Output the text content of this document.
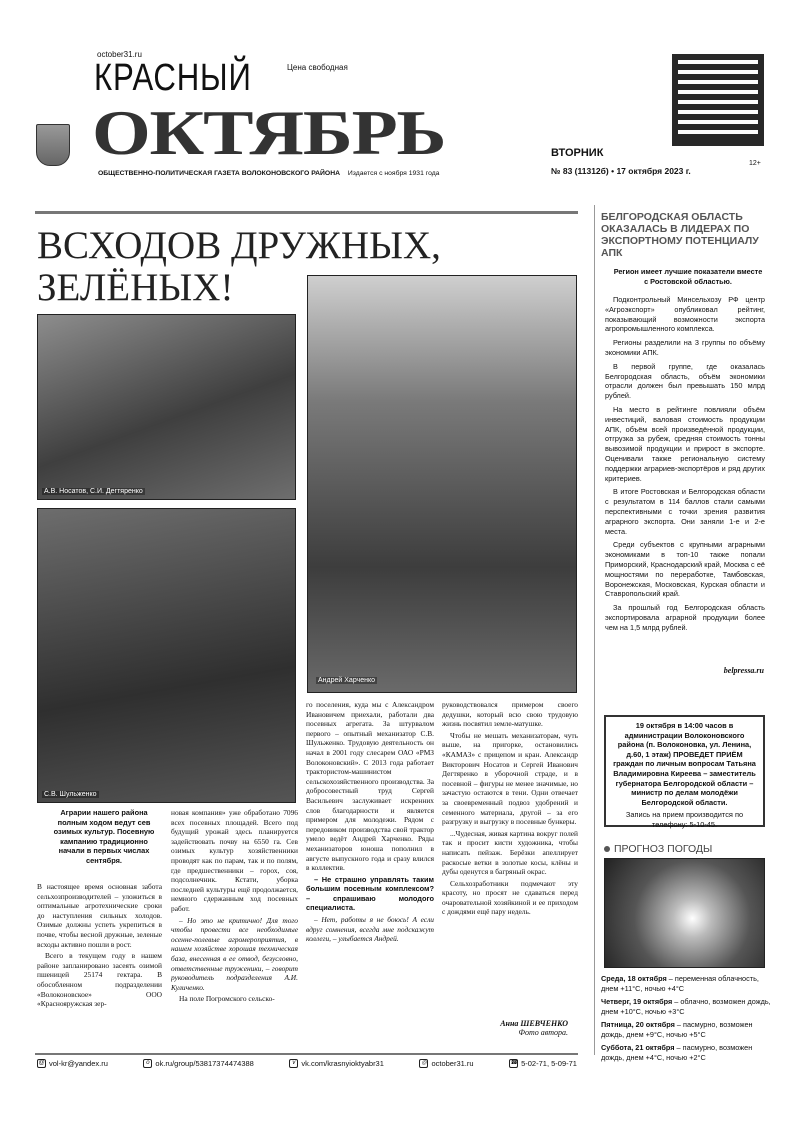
oсtober31.ru
КРАСНЫЙ	Цена свободная
ОКТЯБРЬ
ОБЩЕСТВЕННО-ПОЛИТИЧЕСКАЯ ГАЗЕТА ВОЛОКОНОВСКОГО РАЙОНА Издается с ноября 1931 года
ВТОРНИК
12+
№ 83 (11312б) • 17 октября 2023 г.
ВСХОДОВ ДРУЖНЫХ,
ЗЕЛЁНЫХ!
А.В. Носатов, С.И. Дегтяренко
Андрей Харченко
С.В. Шульженко
Аграрии нашего района полным ходом ведут сев озимых культур. Посевную кампанию традиционно начали в первых числах сентября.

В настоящее время основная забота сельхозпроизводителей – уложиться в оптимальные агротехнические сроки до наступления сильных холодов. Озимые должны успеть укрепиться в почве, чтобы весной дружные, зеленые всходы активно пошли в рост.

Всего в текущем году в нашем районе запланировано засеять озимой пшеницей 25174 гектара. В обособленном подразделении «Волоконовское» ООО «Краснояружская зер-

новая компания» уже обработано 7096 всех посевных площадей. Всего под будущий урожай здесь планируется задействовать почву на 6550 га. Сев озимых культур хозяйственники проводят как по парам, так и по полям, где предшественники – горох, соя, подсолнечник. Кстати, уборка последней культуры ещё продолжается, немного сдержанным ход посевных работ.

– Но это не критично! Для того чтобы провести все необходимые осенне-полевые агромероприятия, в нашем хозяйстве хорошая техническая база, внесенная в ее отвод, безусловно, ответственные труженики, – говорит руководитель подразделения А.И. Куличенко.

На поле Погромского сельско-

го поселения, куда мы с Александром Ивановичем приехали, работали два посевных агрегата. За штурвалом первого – опытный механизатор С.В. Шульженко. Трудовую деятельность он начал в 2001 году слесарем ОАО «РМЗ Волоконовский». С 2013 года работает трактористом-машинистом сельскохозяйственного производства. За добросовестный труд Сергей Васильевич заслуживает искренних слов благодарности и является примером для молодежи. Рядом с передовиком производства свой трактор умело ведёт Андрей Харченко. Ряды механизаторов юноша пополнил в августе выпускного года и сразу влился в коллектив.

– Не страшно управлять таким большим посевным комплексом? – спрашиваю молодого специалиста.

– Нет, работы я не боюсь! А если вдруг сомнения, всегда мне подскажут коллеги, – улыбается Андрей.

руководствовался примером своего дедушки, который всю свою трудовую жизнь посвятил земле-матушке.

Чтобы не мешать механизаторам, чуть выше, на пригорке, остановились «КАМАЗ» с прицепом и кран. Александр Викторович Носатов и Сергей Иванович Дегтяренко в уборочной страде, и в посевной – фигуры не менее значимые, но зачастую остаются в тени. Одни отвечает за своевременный подвоз удобрений и семенного материала, другой – за его разгрузку и выгрузку в посевные бункеры.

...Чудесная, живая картина вокруг полей так и просит кисти художника, чтобы написать пейзаж. Берёзки апеллирует раскосые ветки в золотые косы, клёны и дубы оденутся в багряный окрас.

Сельхозработники подмечают эту красоту, но просят не сдаваться перед очаровательной хозяйкиной и ее приходом с дождями ещё пару недель.

Анна ШЕВЧЕНКО
Фото автора.
БЕЛГОРОДСКАЯ ОБЛАСТЬ ОКАЗАЛАСЬ В ЛИДЕРАХ ПО ЭКСПОРТНОМУ ПОТЕНЦИАЛУ АПК
Регион имеет лучшие показатели вместе с Ростовской областью.

Подконтрольный Минсельхозу РФ центр «Агроэкспорт» опубликовал рейтинг, показывающий возможности экспорта агропромышленного комплекса.

Регионы разделили на 3 группы по объёму экономики АПК.

В первой группе, где оказалась Белгородская область, объём экономики отрасли должен был превышать 150 млрд рублей.

На место в рейтинге повлияли объём инвестиций, валовая стоимость продукции АПК, объём всей произведённой продукции, отгрузка за рубеж, средняя стоимость тонны вывозимой продукции и прирост в экспорте. Оценивали также региональную систему поддержки аграриев-экспортёров и ряд других критериев.

В итоге Ростовская и Белгородская области с результатом в 114 баллов стали самыми перспективными с точки зрения развития аграрного экспорта. Они заняли 1-е и 2-е места.

Среди субъектов с крупными аграрными экономиками в топ-10 также попали Приморский, Краснодарский край, Москва с её мощностями по переработке, Тамбовская, Воронежская, Московская, Курская области и Ставропольский край.

За прошлый год Белгородская область экспортировала аграрной продукции более чем на 1,5 млрд рублей.

belpressa.ru
19 октября в 14:00 часов в администрации Волоконовского района (п. Волоконовка, ул. Ленина, д.60, 1 этаж) ПРОВЕДЕТ ПРИЁМ граждан по личным вопросам Татьяна Владимировна Киреева – заместитель губернатора Белгородской области – министр по делам молодёжи Белгородской области.
Запись на прием производится по телефону: 5-10-45.
ПРОГНОЗ ПОГОДЫ
Среда, 18 октября – переменная облачность, днем +11°С, ночью +4°С
Четверг, 19 октября – облачно, возможен дождь, днем +10°С, ночью +3°С
Пятница, 20 октября – пасмурно, возможен дождь, днем +9°С, ночью +5°С
Суббота, 21 октября – пасмурно, возможен дождь, днем +4°С, ночью +2°С
@ vol-kr@yandex.ru	o ok.ru/group/53817374474388	v vk.com/krasnyioktyabr31	◎ oсtober31.ru	☎ 5-02-71, 5-09-71
